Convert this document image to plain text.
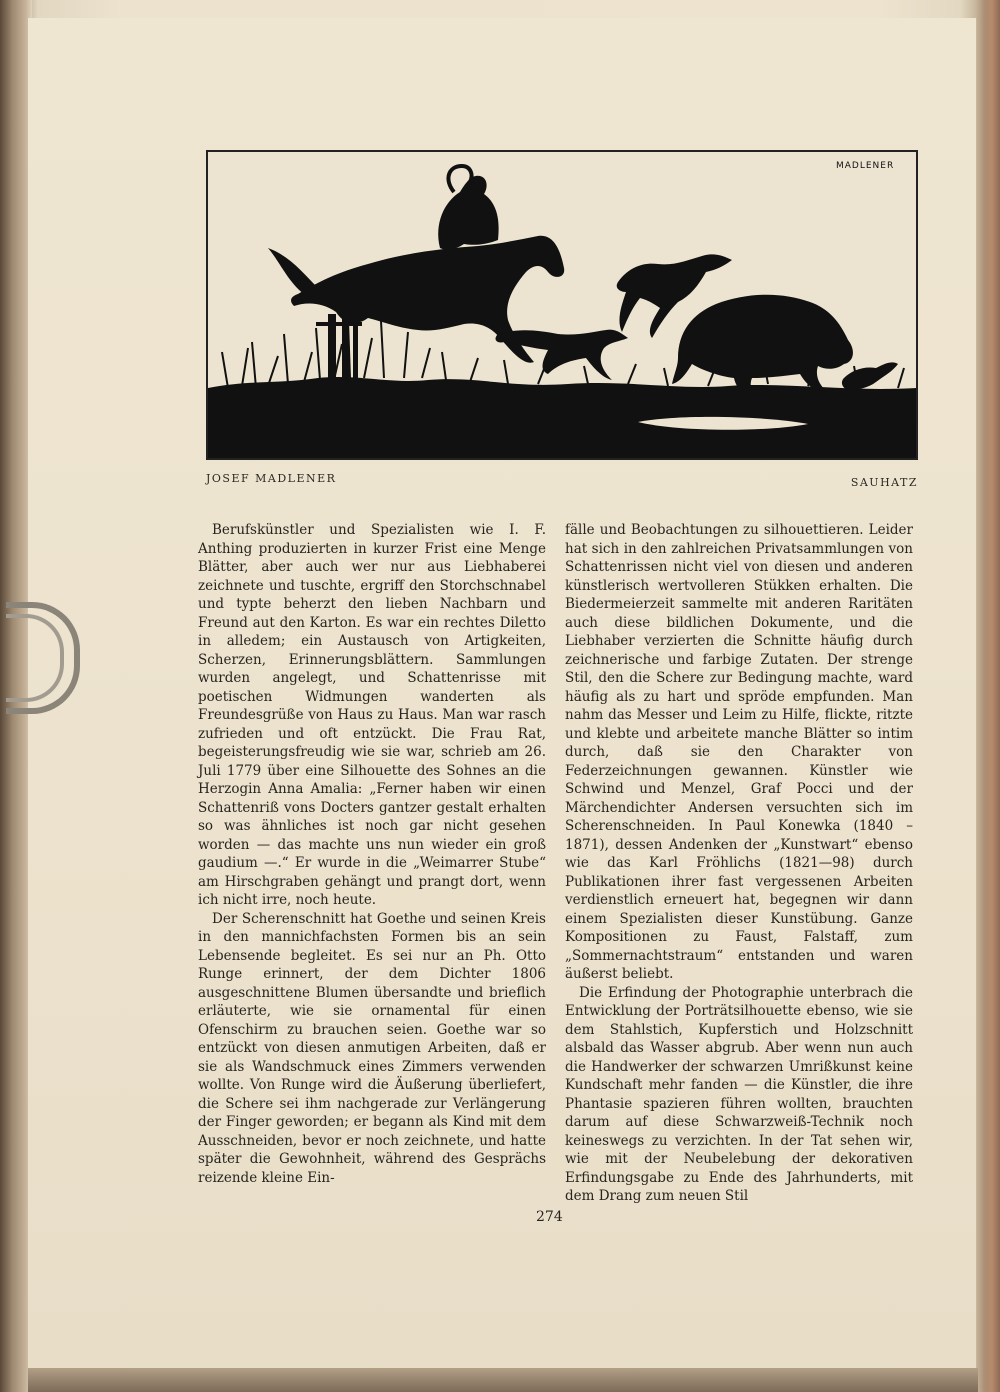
MADLENER
JOSEF MADLENER	SAUHATZ

Berufskünstler und Spezialisten wie I. F. Anthing produzierten in kurzer Frist eine Menge Blätter, aber auch wer nur aus Liebhaberei zeichnete und tuschte, ergriff den Storchschnabel und typte beherzt den lieben Nachbarn und Freund aut den Karton. Es war ein rechtes Diletto in alledem; ein Austausch von Artigkeiten, Scherzen, Erinnerungsblättern. Sammlungen wurden angelegt, und Schattenrisse mit poetischen Widmungen wanderten als Freundesgrüße von Haus zu Haus. Man war rasch zufrieden und oft entzückt. Die Frau Rat, begeisterungsfreudig wie sie war, schrieb am 26. Juli 1779 über eine Silhouette des Sohnes an die Herzogin Anna Amalia: „Ferner haben wir einen Schattenriß vons Docters gantzer gestalt erhalten so was ähnliches ist noch gar nicht gesehen worden — das machte uns nun wieder ein groß gaudium —.“ Er wurde in die „Weimarrer Stube“ am Hirschgraben gehängt und prangt dort, wenn ich nicht irre, noch heute.

Der Scherenschnitt hat Goethe und seinen Kreis in den mannichfachsten Formen bis an sein Lebensende begleitet. Es sei nur an Ph. Otto Runge erinnert, der dem Dichter 1806 ausgeschnittene Blumen übersandte und brieflich erläuterte, wie sie ornamental für einen Ofenschirm zu brauchen seien. Goethe war so entzückt von diesen anmutigen Arbeiten, daß er sie als Wandschmuck eines Zimmers verwenden wollte. Von Runge wird die Äußerung überliefert, die Schere sei ihm nachgerade zur Verlängerung der Finger geworden; er begann als Kind mit dem Ausschneiden, bevor er noch zeichnete, und hatte später die Gewohnheit, während des Gesprächs reizende kleine Ein-

fälle und Beobachtungen zu silhouettieren. Leider hat sich in den zahlreichen Privatsammlungen von Schattenrissen nicht viel von diesen und anderen künstlerisch wertvolleren Stükken erhalten. Die Biedermeierzeit sammelte mit anderen Raritäten auch diese bildlichen Dokumente, und die Liebhaber verzierten die Schnitte häufig durch zeichnerische und farbige Zutaten. Der strenge Stil, den die Schere zur Bedingung machte, ward häufig als zu hart und spröde empfunden. Man nahm das Messer und Leim zu Hilfe, flickte, ritzte und klebte und arbeitete manche Blätter so intim durch, daß sie den Charakter von Federzeichnungen gewannen. Künstler wie Schwind und Menzel, Graf Pocci und der Märchendichter Andersen versuchten sich im Scherenschneiden. In Paul Konewka (1840 – 1871), dessen Andenken der „Kunstwart“ ebenso wie das Karl Fröhlichs (1821—98) durch Publikationen ihrer fast vergessenen Arbeiten verdienstlich erneuert hat, begegnen wir dann einem Spezialisten dieser Kunstübung. Ganze Kompositionen zu Faust, Falstaff, zum „Sommernachtstraum“ entstanden und waren äußerst beliebt.

Die Erfindung der Photographie unterbrach die Entwicklung der Porträtsilhouette ebenso, wie sie dem Stahlstich, Kupferstich und Holzschnitt alsbald das Wasser abgrub. Aber wenn nun auch die Handwerker der schwarzen Umrißkunst keine Kundschaft mehr fanden — die Künstler, die ihre Phantasie spazieren führen wollten, brauchten darum auf diese Schwarzweiß-Technik noch keineswegs zu verzichten. In der Tat sehen wir, wie mit der Neubelebung der dekorativen Erfindungsgabe zu Ende des Jahrhunderts, mit dem Drang zum neuen Stil

274
